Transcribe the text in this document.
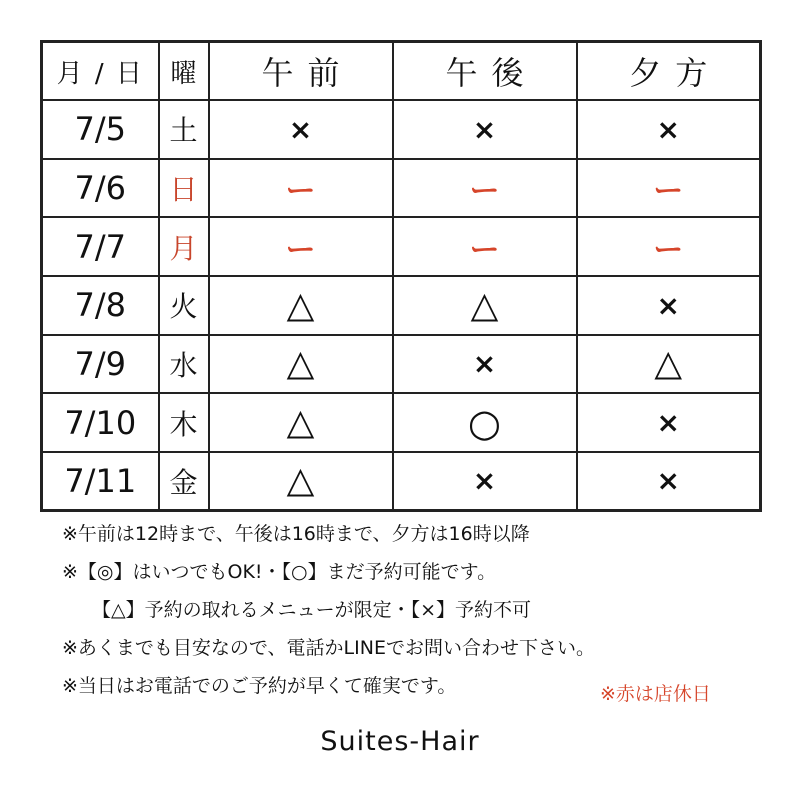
月 / 日	曜	午前	午後	夕方
7/5	土	×	×	×
7/6	日	ー	ー	ー
7/7	月	ー	ー	ー
7/8	火	△	△	×
7/9	水	△	×	△
7/10	木	△	○	×
7/11	金	△	×	×
※午前は12時まで、午後は16時まで、夕方は16時以降
※【◎】はいつでもOK!・【○】まだ予約可能です。
【△】予約の取れるメニューが限定・【×】予約不可
※あくまでも目安なので、電話かLINEでお問い合わせ下さい。
※当日はお電話でのご予約が早くて確実です。	※赤は店休日
Suites-Hair
